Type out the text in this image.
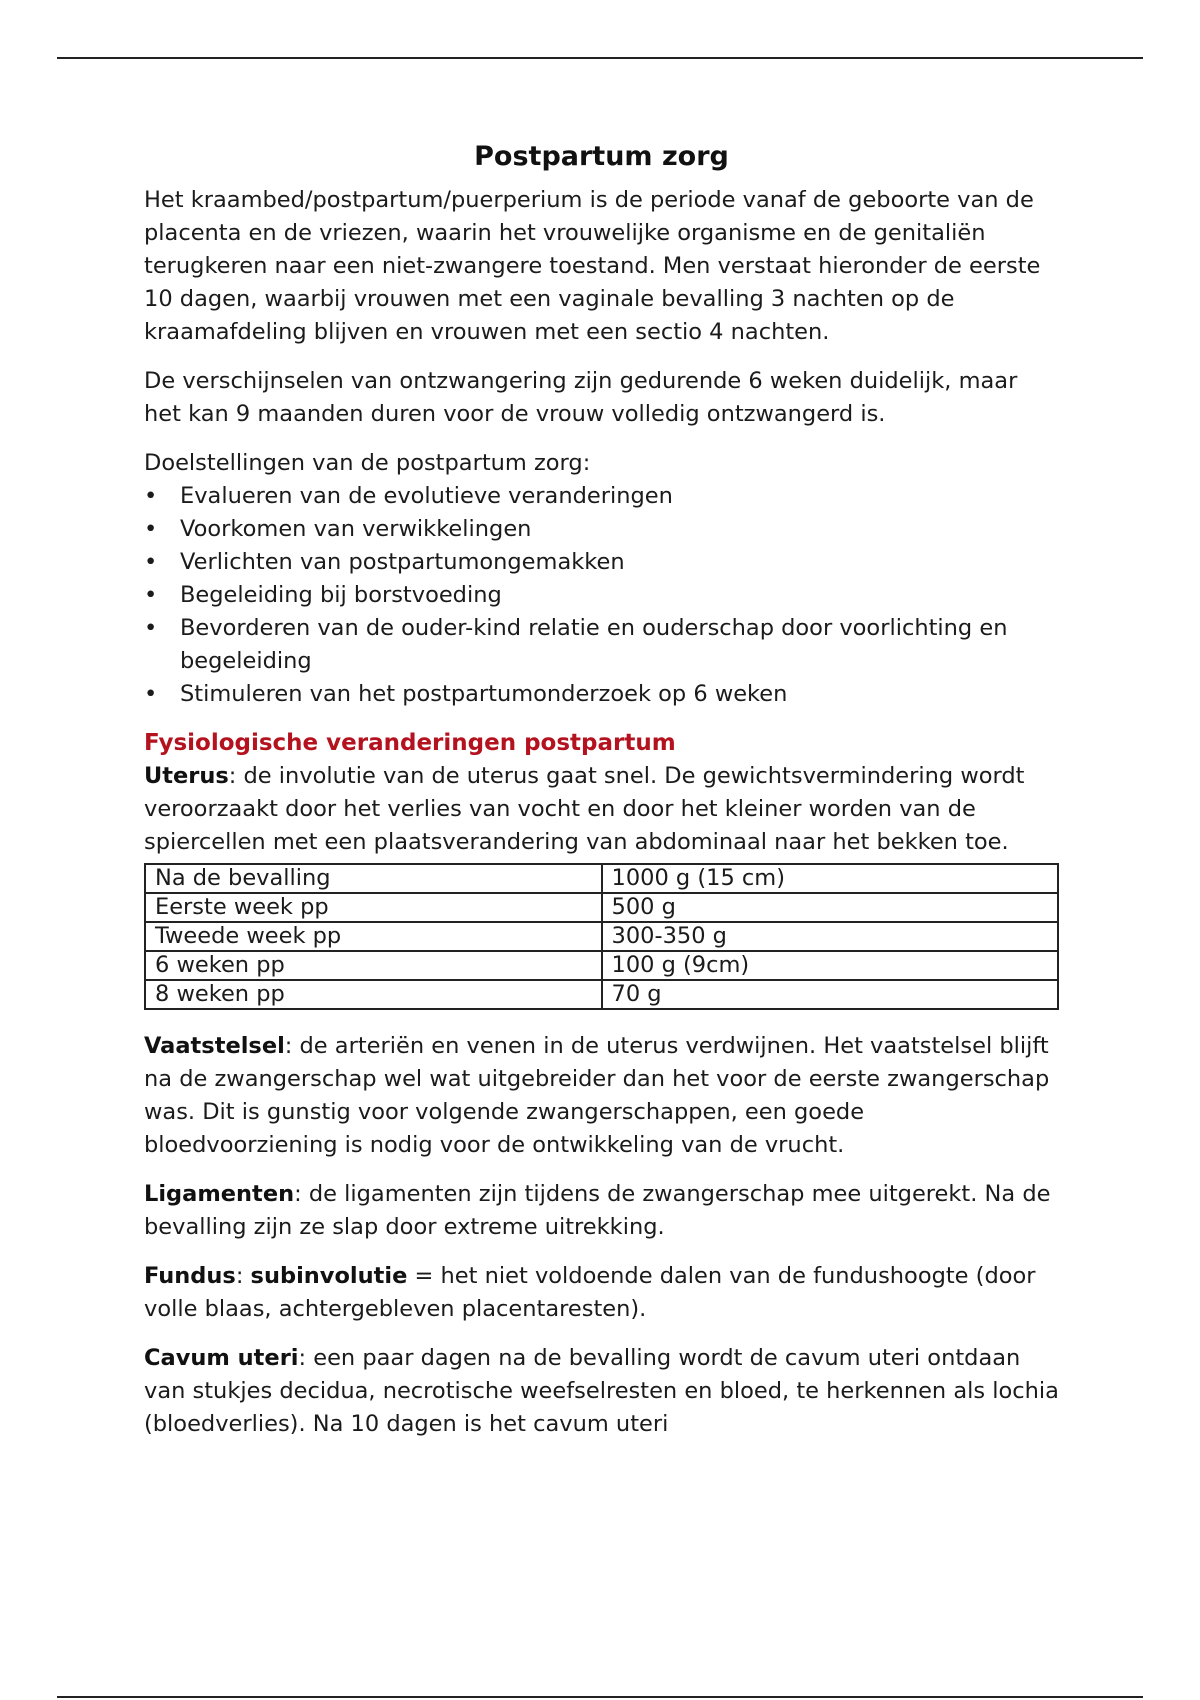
Postpartum zorg

Het kraambed/postpartum/puerperium is de periode vanaf de geboorte van de placenta en de vriezen, waarin het vrouwelijke organisme en de genitaliën terugkeren naar een niet-zwangere toestand. Men verstaat hieronder de eerste 10 dagen, waarbij vrouwen met een vaginale bevalling 3 nachten op de kraamafdeling blijven en vrouwen met een sectio 4 nachten.

De verschijnselen van ontzwangering zijn gedurende 6 weken duidelijk, maar het kan 9 maanden duren voor de vrouw volledig ontzwangerd is.

Doelstellingen van de postpartum zorg:

• Evalueren van de evolutieve veranderingen
• Voorkomen van verwikkelingen
• Verlichten van postpartumongemakken
• Begeleiding bij borstvoeding
• Bevorderen van de ouder-kind relatie en ouderschap door voorlichting en begeleiding
• Stimuleren van het postpartumonderzoek op 6 weken
Fysiologische veranderingen postpartum

Uterus: de involutie van de uterus gaat snel. De gewichtsvermindering wordt veroorzaakt door het verlies van vocht en door het kleiner worden van de spiercellen met een plaatsverandering van abdominaal naar het bekken toe.

Na de bevalling	1000 g (15 cm)
Eerste week pp	500 g
Tweede week pp	300-350 g
6 weken pp	100 g (9cm)
8 weken pp	70 g

Vaatstelsel: de arteriën en venen in de uterus verdwijnen. Het vaatstelsel blijft na de zwangerschap wel wat uitgebreider dan het voor de eerste zwangerschap was. Dit is gunstig voor volgende zwangerschappen, een goede bloedvoorziening is nodig voor de ontwikkeling van de vrucht.

Ligamenten: de ligamenten zijn tijdens de zwangerschap mee uitgerekt. Na de bevalling zijn ze slap door extreme uitrekking.

Fundus: subinvolutie = het niet voldoende dalen van de fundushoogte (door volle blaas, achtergebleven placentaresten).

Cavum uteri: een paar dagen na de bevalling wordt de cavum uteri ontdaan van stukjes decidua, necrotische weefselresten en bloed, te herkennen als lochia (bloedverlies). Na 10 dagen is het cavum uteri
